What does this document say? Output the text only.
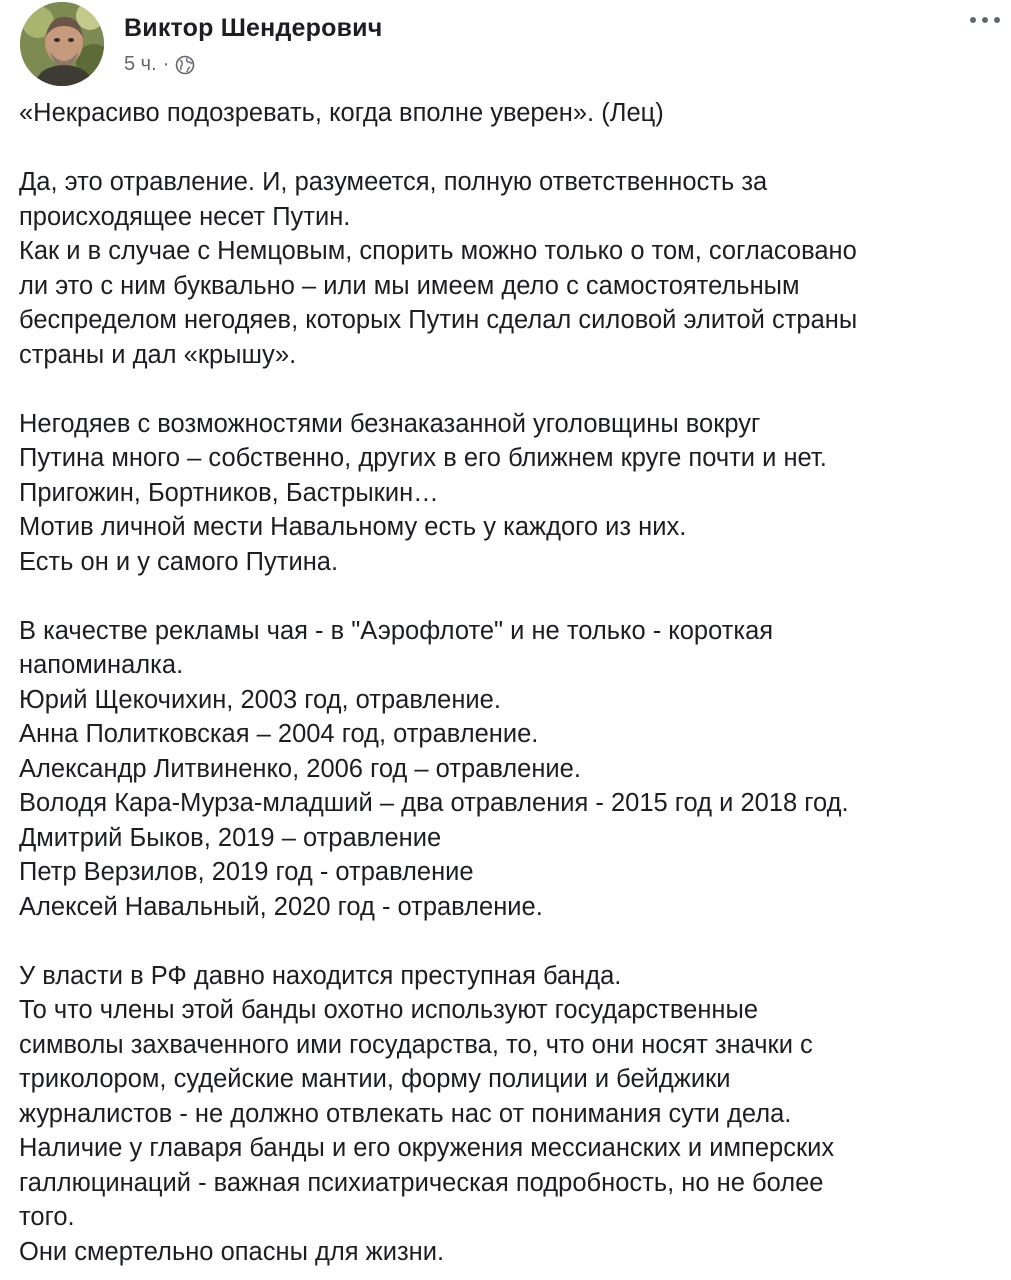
Виктор Шендерович
5 ч. ·
«Некрасиво подозревать, когда вполне уверен». (Лец)
Да, это отравление. И, разумеется, полную ответственность за
происходящее несет Путин.
Как и в случае с Немцовым, спорить можно только о том, согласовано
ли это с ним буквально – или мы имеем дело с самостоятельным
беспределом негодяев, которых Путин сделал силовой элитой страны
страны и дал «крышу».
Негодяев с возможностями безнаказанной уголовщины вокруг
Путина много – собственно, других в его ближнем круге почти и нет.
Пригожин, Бортников, Бастрыкин…
Мотив личной мести Навальному есть у каждого из них.
Есть он и у самого Путина.
В качестве рекламы чая - в "Аэрофлоте" и не только - короткая
напоминалка.
Юрий Щекочихин, 2003 год, отравление.
Анна Политковская – 2004 год, отравление.
Александр Литвиненко, 2006 год – отравление.
Володя Кара-Мурза-младший – два отравления - 2015 год и 2018 год.
Дмитрий Быков, 2019 – отравление
Петр Верзилов, 2019 год - отравление
Алексей Навальный, 2020 год - отравление.
У власти в РФ давно находится преступная банда.
То что члены этой банды охотно используют государственные
символы захваченного ими государства, то, что они носят значки с
триколором, судейские мантии, форму полиции и бейджики
журналистов - не должно отвлекать нас от понимания сути дела.
Наличие у главаря банды и его окружения мессианских и имперских
галлюцинаций - важная психиатрическая подробность, но не более
того.
Они смертельно опасны для жизни.
